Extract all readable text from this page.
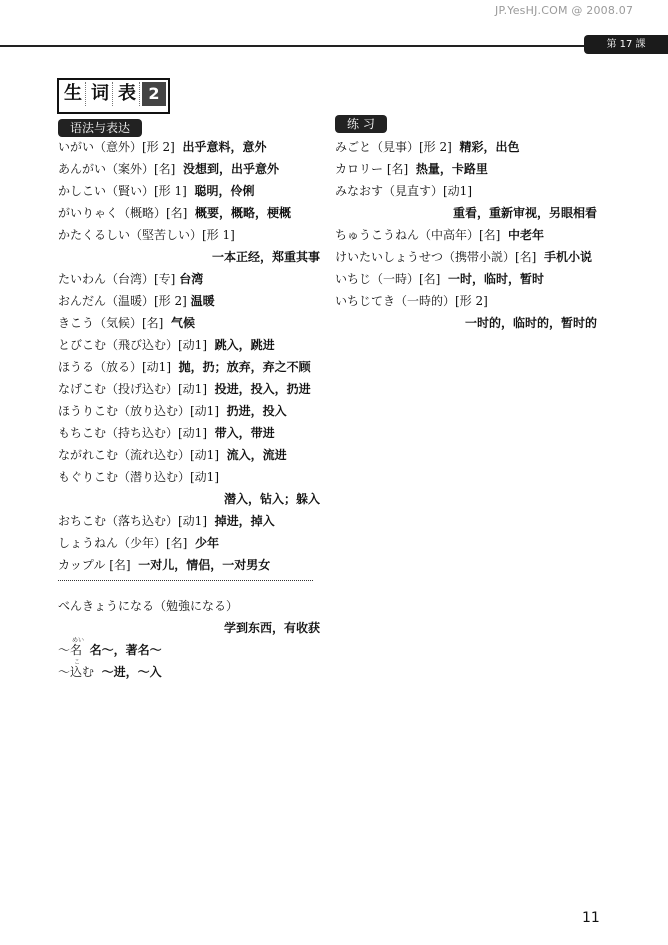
JP.YesHJ.COM @ 2008.07
第 17 課
生 词 表 2
语法与表达	练 习
いがい（意外）[形 2] 出乎意料，意外
あんがい（案外）[名] 没想到，出乎意外
かしこい（賢い）[形 1] 聪明，伶俐
がいりゃく（概略）[名] 概要，概略，梗概
かたくるしい（堅苦しい）[形 1]
一本正经，郑重其事
たいわん（台湾）[专] 台湾
おんだん（温暖）[形 2] 温暖
きこう（気候）[名] 气候
とびこむ（飛び込む）[动1] 跳入，跳进
ほうる（放る）[动1] 抛，扔；放弃，弃之不顾
なげこむ（投げ込む）[动1] 投进，投入，扔进
ほうりこむ（放り込む）[动1] 扔进，投入
もちこむ（持ち込む）[动1] 带入，带进
ながれこむ（流れ込む）[动1] 流入，流进
もぐりこむ（潜り込む）[动1]
潜入，钻入；躲入
おちこむ（落ち込む）[动1] 掉进，掉入
しょうねん（少年）[名] 少年
カップル [名] 一对儿，情侣，一对男女
べんきょうになる（勉強になる）
学到东西，有收获
めい
～名 名～，著名～
こ
～込む ～进，～入
みごと（見事）[形 2] 精彩，出色
カロリー [名] 热量，卡路里
みなおす（見直す）[动1]
重看，重新审视，另眼相看
ちゅうこうねん（中高年）[名] 中老年
けいたいしょうせつ（携帯小説）[名] 手机小说
いちじ（一時）[名] 一时，临时，暂时
いちじてき（一時的）[形 2]
一时的，临时的，暂时的
11
